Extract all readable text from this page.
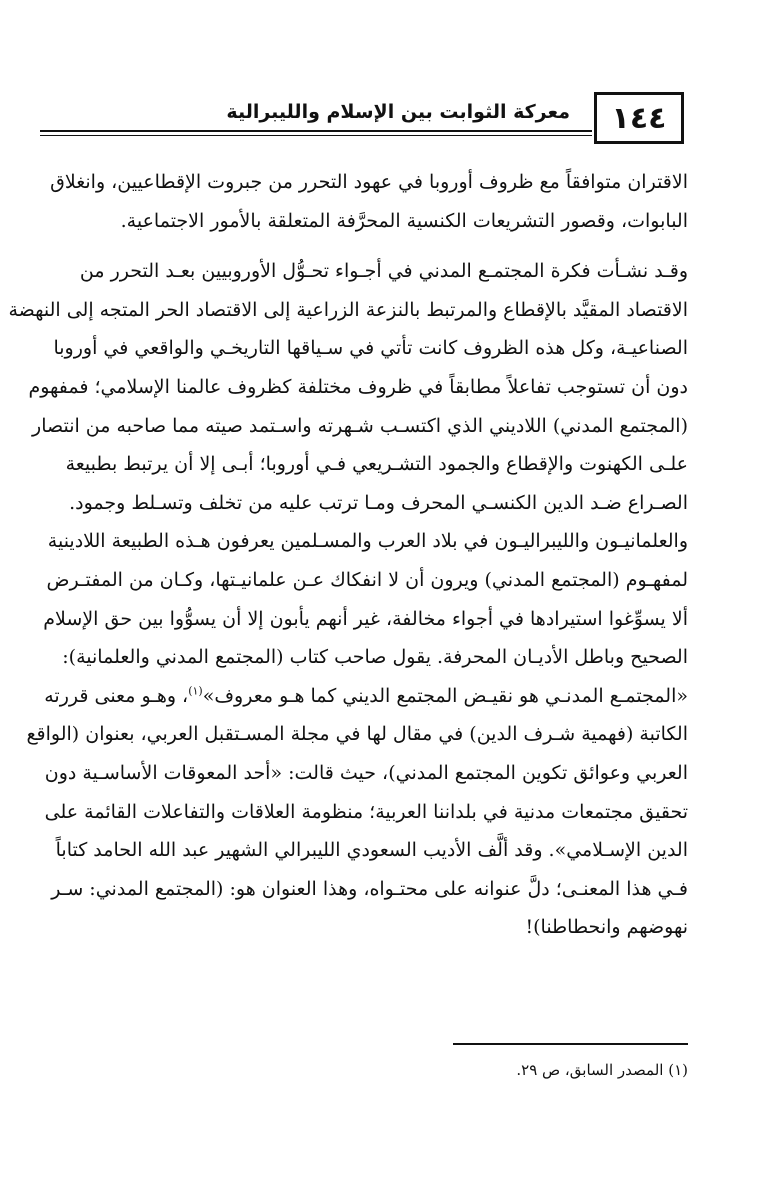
معركة الثوابت بين الإسلام والليبرالية	١٤٤
الاقتران متوافقاً مع ظروف أوروبا في عهود التحرر من جبروت الإقطاعيين، وانغلاق
البابوات، وقصور التشريعات الكنسية المحرَّفة المتعلقة بالأمور الاجتماعية.
وقـد نشـأت فكرة المجتمـع المدني في أجـواء تحـوُّل الأوروبيين بعـد التحرر من
الاقتصاد المقيَّد بالإقطاع والمرتبط بالنزعة الزراعية إلى الاقتصاد الحر المتجه إلى النهضة
الصناعيـة، وكل هذه الظروف كانت تأتي في سـياقها التاريخـي والواقعي في أوروبا
دون أن تستوجب تفاعلاً مطابقاً في ظروف مختلفة كظروف عالمنا الإسلامي؛ فمفهوم
(المجتمع المدني) اللاديني الذي اكتسـب شـهرته واسـتمد صيته مما صاحبه من انتصار
علـى الكهنوت والإقطاع والجمود التشـريعي فـي أوروبا؛ أبـى إلا أن يرتبط بطبيعة
الصـراع ضـد الدين الكنسـي المحرف ومـا ترتب عليه من تخلف وتسـلط وجمود.
والعلمانيـون والليبراليـون في بلاد العرب والمسـلمين يعرفون هـذه الطبيعة اللادينية
لمفهـوم (المجتمع المدني) ويرون أن لا انفكاك عـن علمانيـتها، وكـان من المفتـرض
ألا يسوِّغوا استيرادها في أجواء مخالفة، غير أنهم يأبون إلا أن يسوُّوا بين حق الإسلام
الصحيح وباطل الأديـان المحرفة. يقول صاحب كتاب (المجتمع المدني والعلمانية):
«المجتمـع المدنـي هو نقيـض المجتمع الديني كما هـو معروف»$^{(١)}$، وهـو معنى قررته
الكاتبة (فهمية شـرف الدين) في مقال لها في مجلة المسـتقبل العربي، بعنوان (الواقع
العربي وعوائق تكوين المجتمع المدني)، حيث قالت: «أحد المعوقات الأساسـية دون
تحقيق مجتمعات مدنية في بلداننا العربية؛ منظومة العلاقات والتفاعلات القائمة على
الدين الإسـلامي». وقد ألَّف الأديب السعودي الليبرالي الشهير عبد الله الحامد كتاباً
فـي هذا المعنـى؛ دلَّ عنوانه على محتـواه، وهذا العنوان هو: (المجتمع المدني: سـر
نهوضهم وانحطاطنا)!
(١) المصدر السابق، ص ٢٩.
